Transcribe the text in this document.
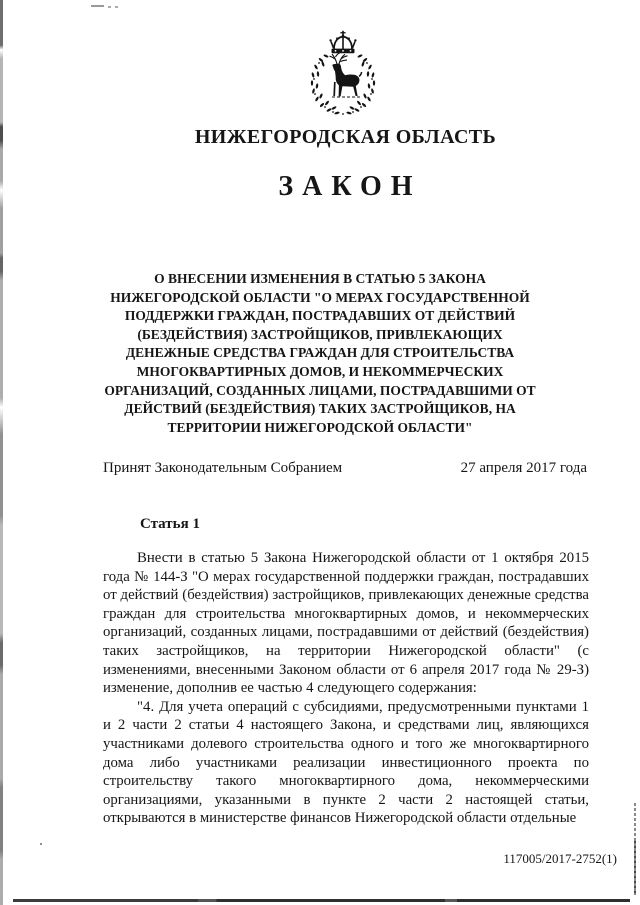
НИЖЕГОРОДСКАЯ ОБЛАСТЬ
ЗАКОН
О ВНЕСЕНИИ ИЗМЕНЕНИЯ В СТАТЬЮ 5 ЗАКОНА
НИЖЕГОРОДСКОЙ ОБЛАСТИ "О МЕРАХ ГОСУДАРСТВЕННОЙ
ПОДДЕРЖКИ ГРАЖДАН, ПОСТРАДАВШИХ ОТ ДЕЙСТВИЙ
(БЕЗДЕЙСТВИЯ) ЗАСТРОЙЩИКОВ, ПРИВЛЕКАЮЩИХ
ДЕНЕЖНЫЕ СРЕДСТВА ГРАЖДАН ДЛЯ СТРОИТЕЛЬСТВА
МНОГОКВАРТИРНЫХ ДОМОВ, И НЕКОММЕРЧЕСКИХ
ОРГАНИЗАЦИЙ, СОЗДАННЫХ ЛИЦАМИ, ПОСТРАДАВШИМИ ОТ
ДЕЙСТВИЙ (БЕЗДЕЙСТВИЯ) ТАКИХ ЗАСТРОЙЩИКОВ, НА
ТЕРРИТОРИИ НИЖЕГОРОДСКОЙ ОБЛАСТИ"
Принят Законодательным Собранием	27 апреля 2017 года
Статья 1

Внести в статью 5 Закона Нижегородской области от 1 октября 2015 года № 144-З "О мерах государственной поддержки граждан, пострадавших от действий (бездействия) застройщиков, привлекающих денежные средства граждан для строительства многоквартирных домов, и некоммерческих организаций, созданных лицами, пострадавшими от действий (бездействия) таких застройщиков, на территории Нижегородской области" (с изменениями, внесенными Законом области от 6 апреля 2017 года № 29-З) изменение, дополнив ее частью 4 следующего содержания:

"4. Для учета операций с субсидиями, предусмотренными пунктами 1 и 2 части 2 статьи 4 настоящего Закона, и средствами лиц, являющихся участниками долевого строительства одного и того же многоквартирного дома либо участниками реализации инвестиционного проекта по строительству такого многоквартирного дома, некоммерческими организациями, указанными в пункте 2 части 2 настоящей статьи, открываются в министерстве финансов Нижегородской области отдельные

117005/2017-2752(1)
